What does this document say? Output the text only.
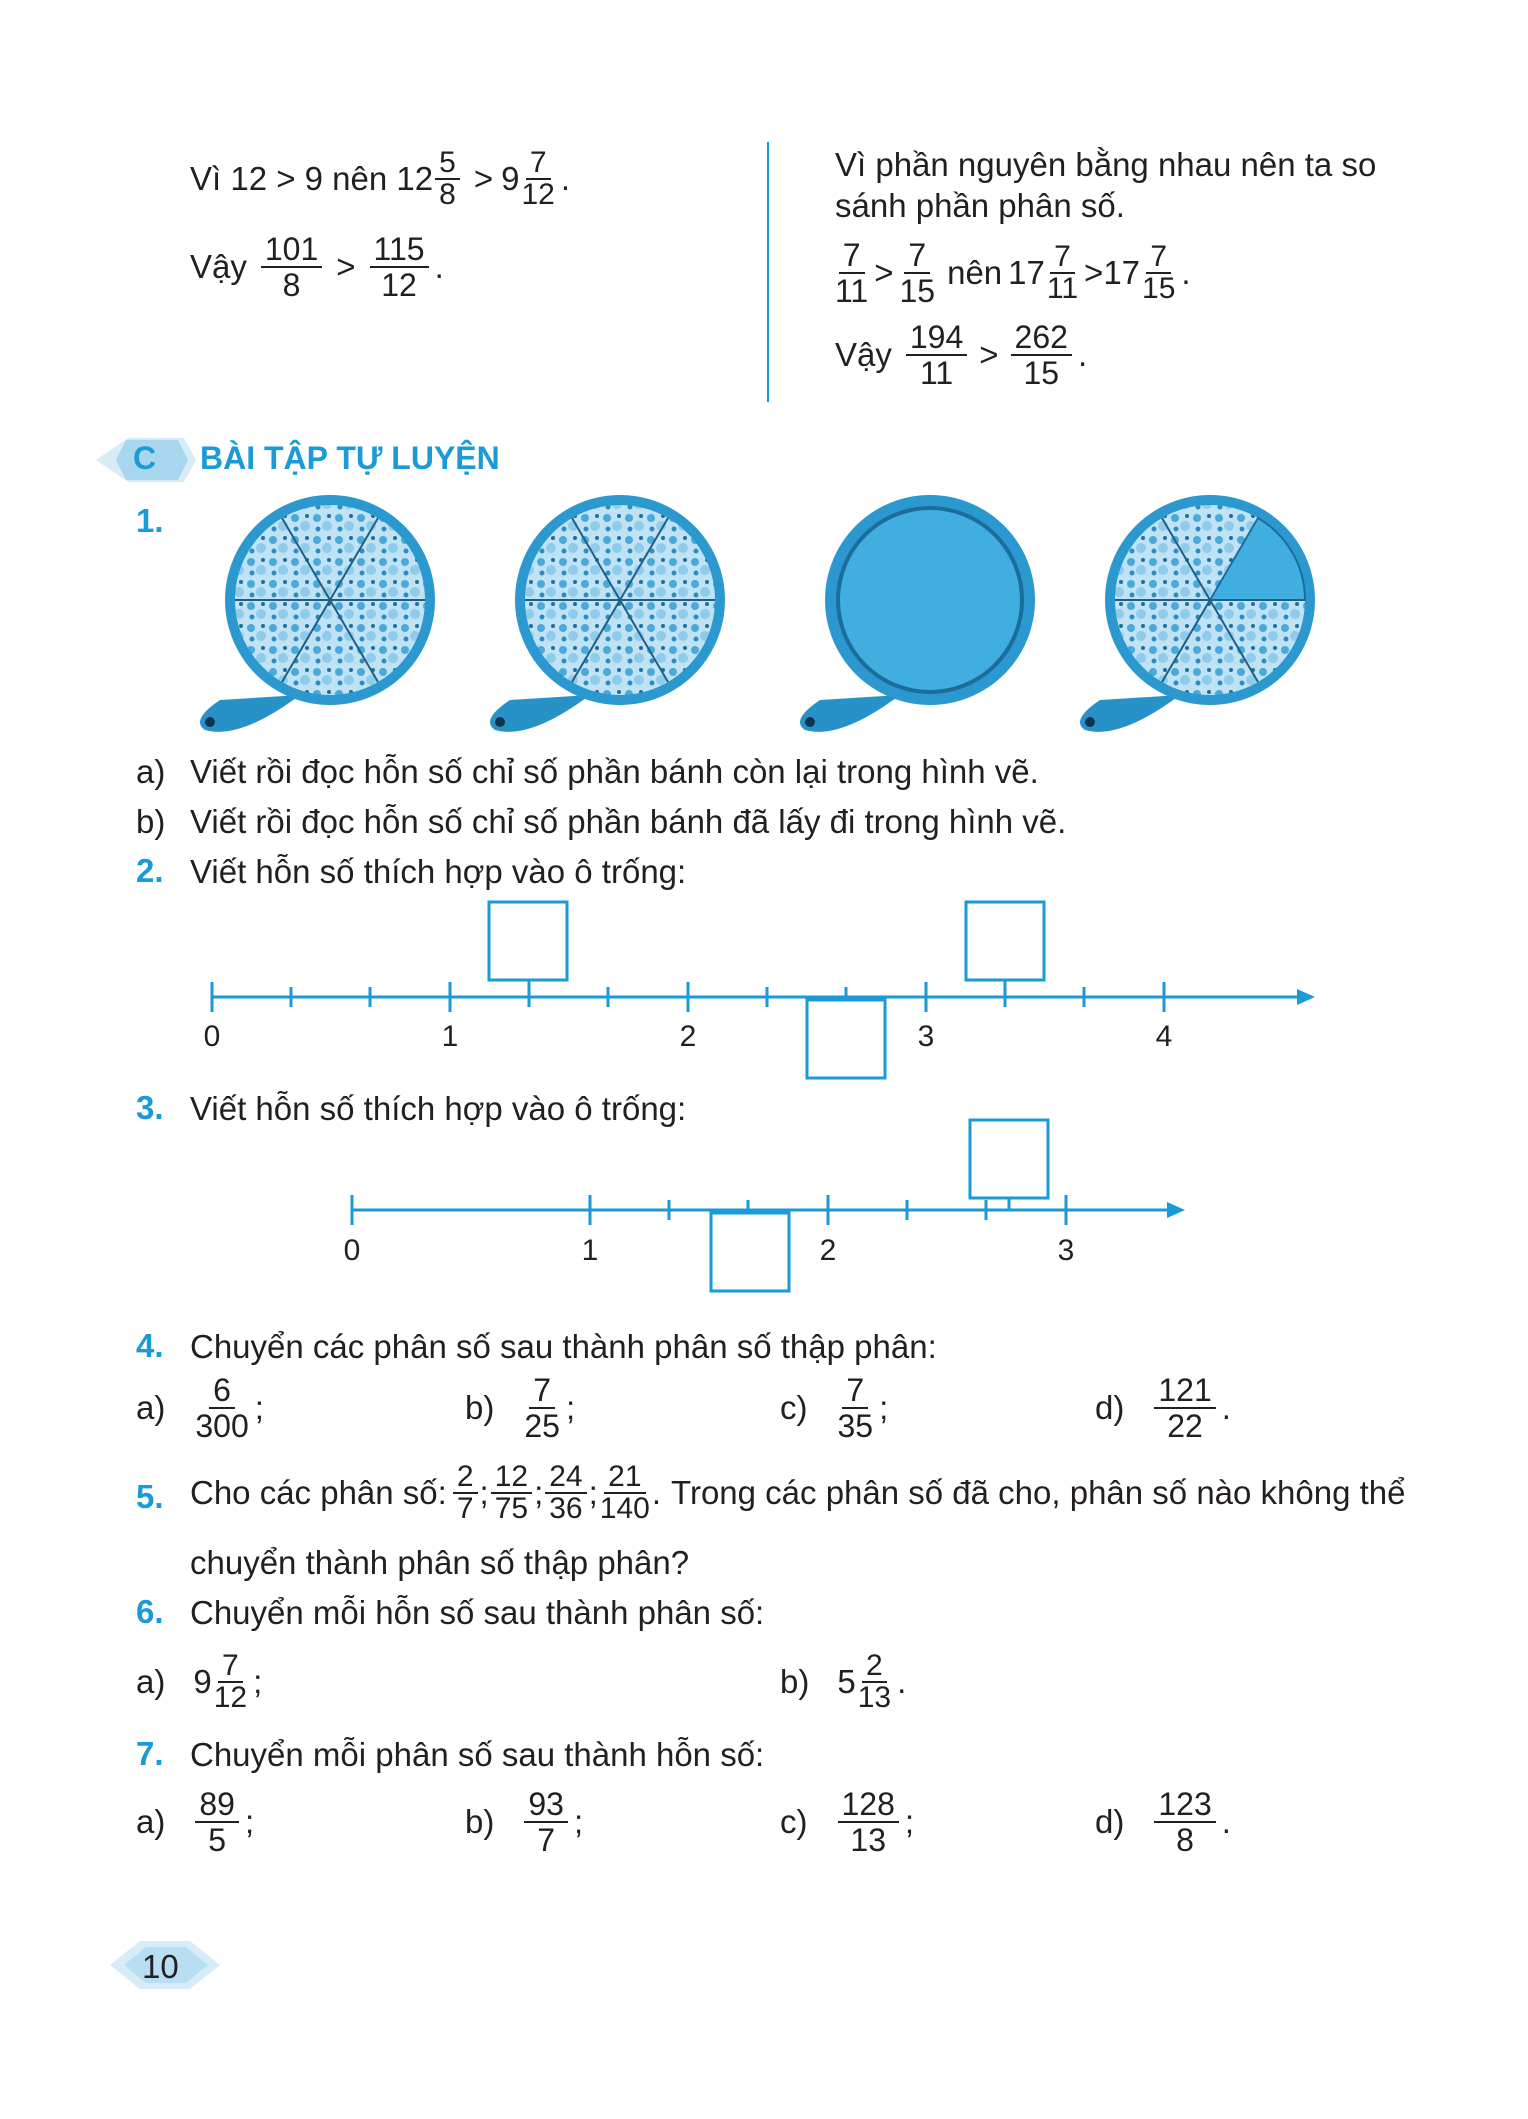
Vì 12 > 9 nên
$12 \frac{5}{8} > 9 \frac{7}{12}$ .
Vậy $\frac{101}{8} > \frac{115}{12}$ .
Vì phần nguyên bằng nhau nên ta so
sánh phần phân số.
$\frac{7}{11} > \frac{7}{15}$ nên $17 \frac{7}{11} > 17 \frac{7}{15}$ .
Vậy $\frac{194}{11} > \frac{262}{15}$ .
C BÀI TẬP TỰ LUYỆN
1.
a) Viết rồi đọc hỗn số chỉ số phần bánh còn lại trong hình vẽ.
b) Viết rồi đọc hỗn số chỉ số phần bánh đã lấy đi trong hình vẽ.
2. Viết hỗn số thích hợp vào ô trống:
0	1	2	3	4
3. Viết hỗn số thích hợp vào ô trống:
0	1	2	3
4. Chuyển các phân số sau thành phân số thập phân:
$a) \frac{6}{300}$ ;	$b) \frac{7}{25}$ ;	$c) \frac{7}{35}$ ;	$d) \frac{121}{22}$ .
5. Cho các phân số: $\frac{2}{7}$ ; $\frac{12}{75}$ ; $\frac{24}{36}$ ; $\frac{21}{140}$ . Trong các phân số đã cho, phân số nào không thể
chuyển thành phân số thập phân?
6. Chuyển mỗi hỗn số sau thành phân số:
a) $9 \frac{7}{12}$ ;	b) $5 \frac{2}{13}$ .
7. Chuyển mỗi phân số sau thành hỗn số:
$a) \frac{89}{5}$ ;	$b) \frac{93}{7}$ ;	$c) \frac{128}{13}$ ;	$d) \frac{123}{8}$ .
10
